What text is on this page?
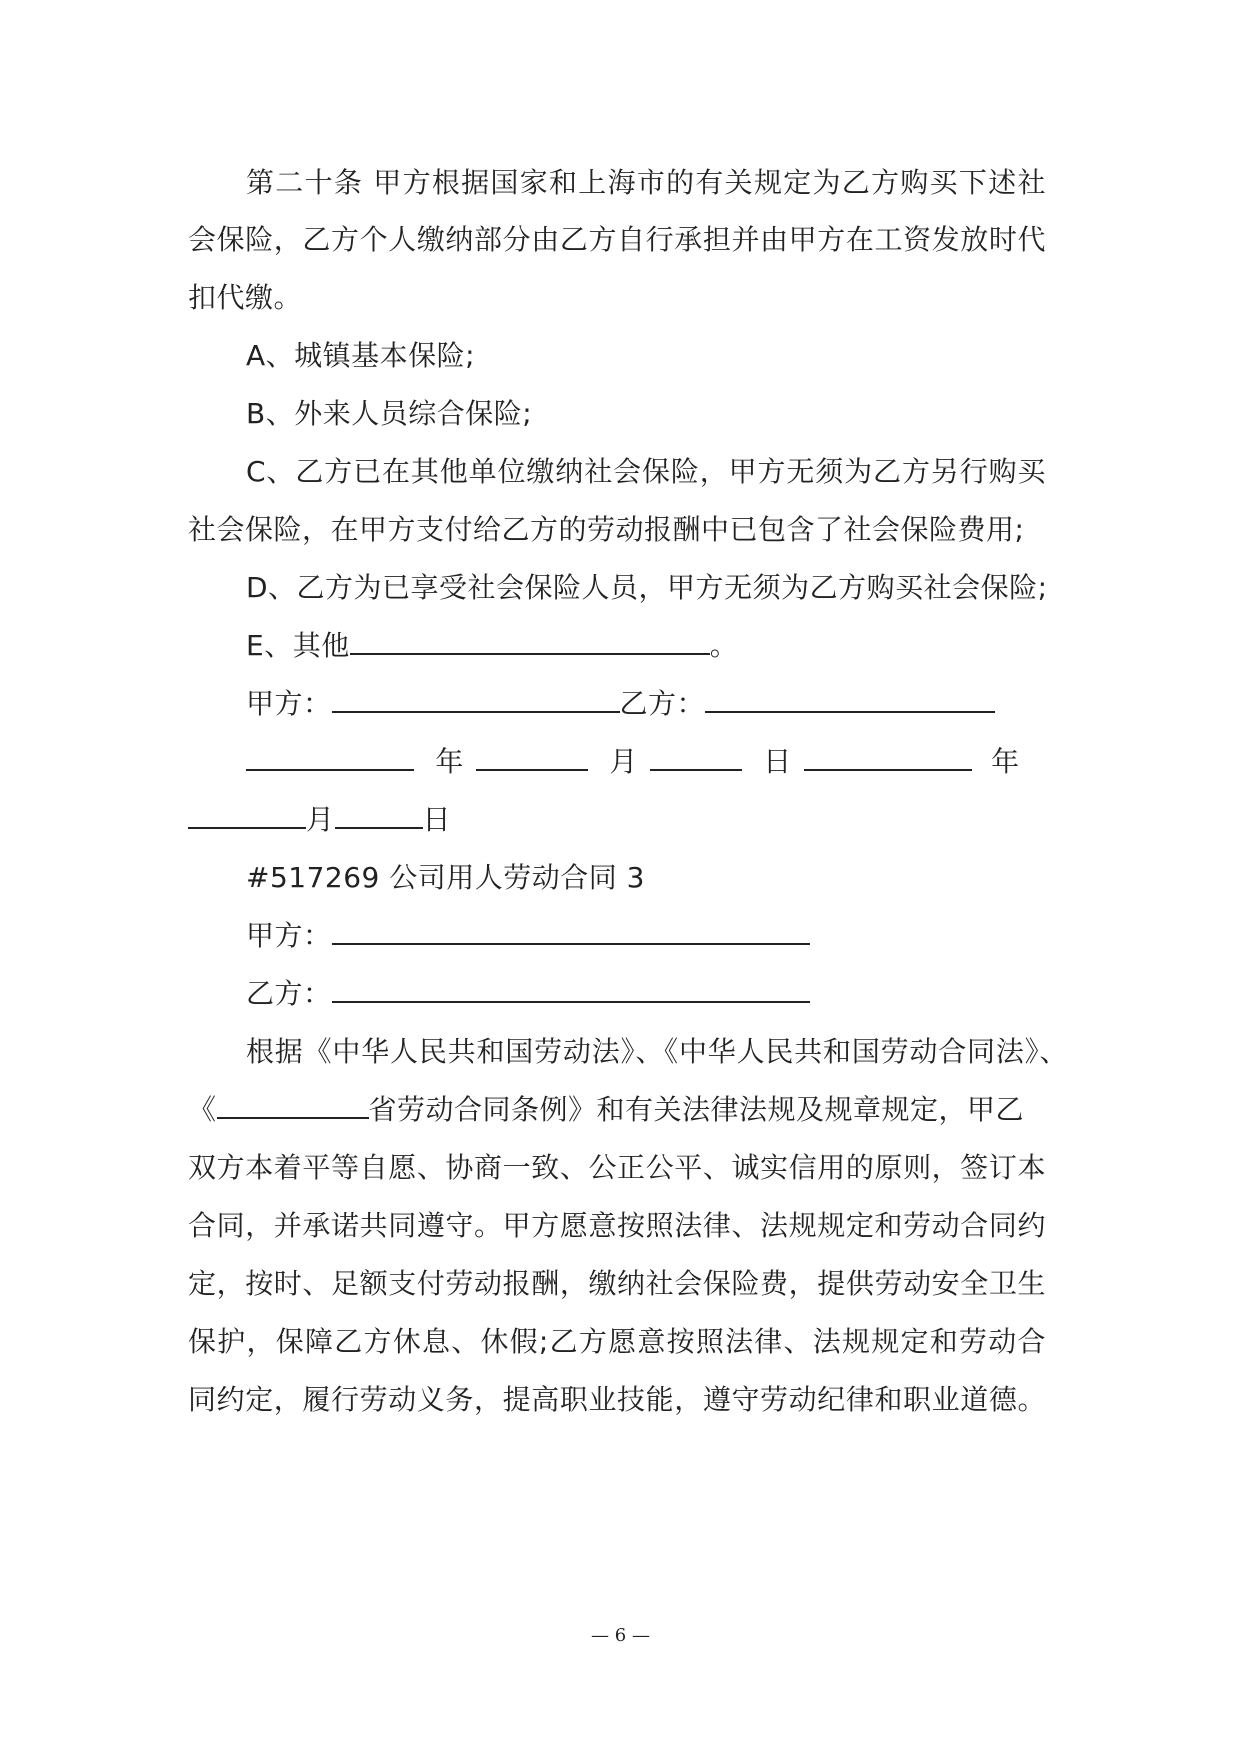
第二十条 甲方根据国家和上海市的有关规定为乙方购买下述社
会保险，乙方个人缴纳部分由乙方自行承担并由甲方在工资发放时代
扣代缴。
A、城镇基本保险;
B、外来人员综合保险;
C、乙方已在其他单位缴纳社会保险，甲方无须为乙方另行购买
社会保险，在甲方支付给乙方的劳动报酬中已包含了社会保险费用;
D、乙方为已享受社会保险人员，甲方无须为乙方购买社会保险;
E、其他	。
甲方：	乙方：
年	月	日	年
月	日
#517269 公司用人劳动合同 3
甲方：
乙方：
根据《中华人民共和国劳动法》、《中华人民共和国劳动合同法》、
《	省劳动合同条例》和有关法律法规及规章规定，甲乙
双方本着平等自愿、协商一致、公正公平、诚实信用的原则，签订本
合同，并承诺共同遵守。甲方愿意按照法律、法规规定和劳动合同约
定，按时、足额支付劳动报酬，缴纳社会保险费，提供劳动安全卫生
保护，保障乙方休息、休假;乙方愿意按照法律、法规规定和劳动合
同约定，履行劳动义务，提高职业技能，遵守劳动纪律和职业道德。
— 6 —
